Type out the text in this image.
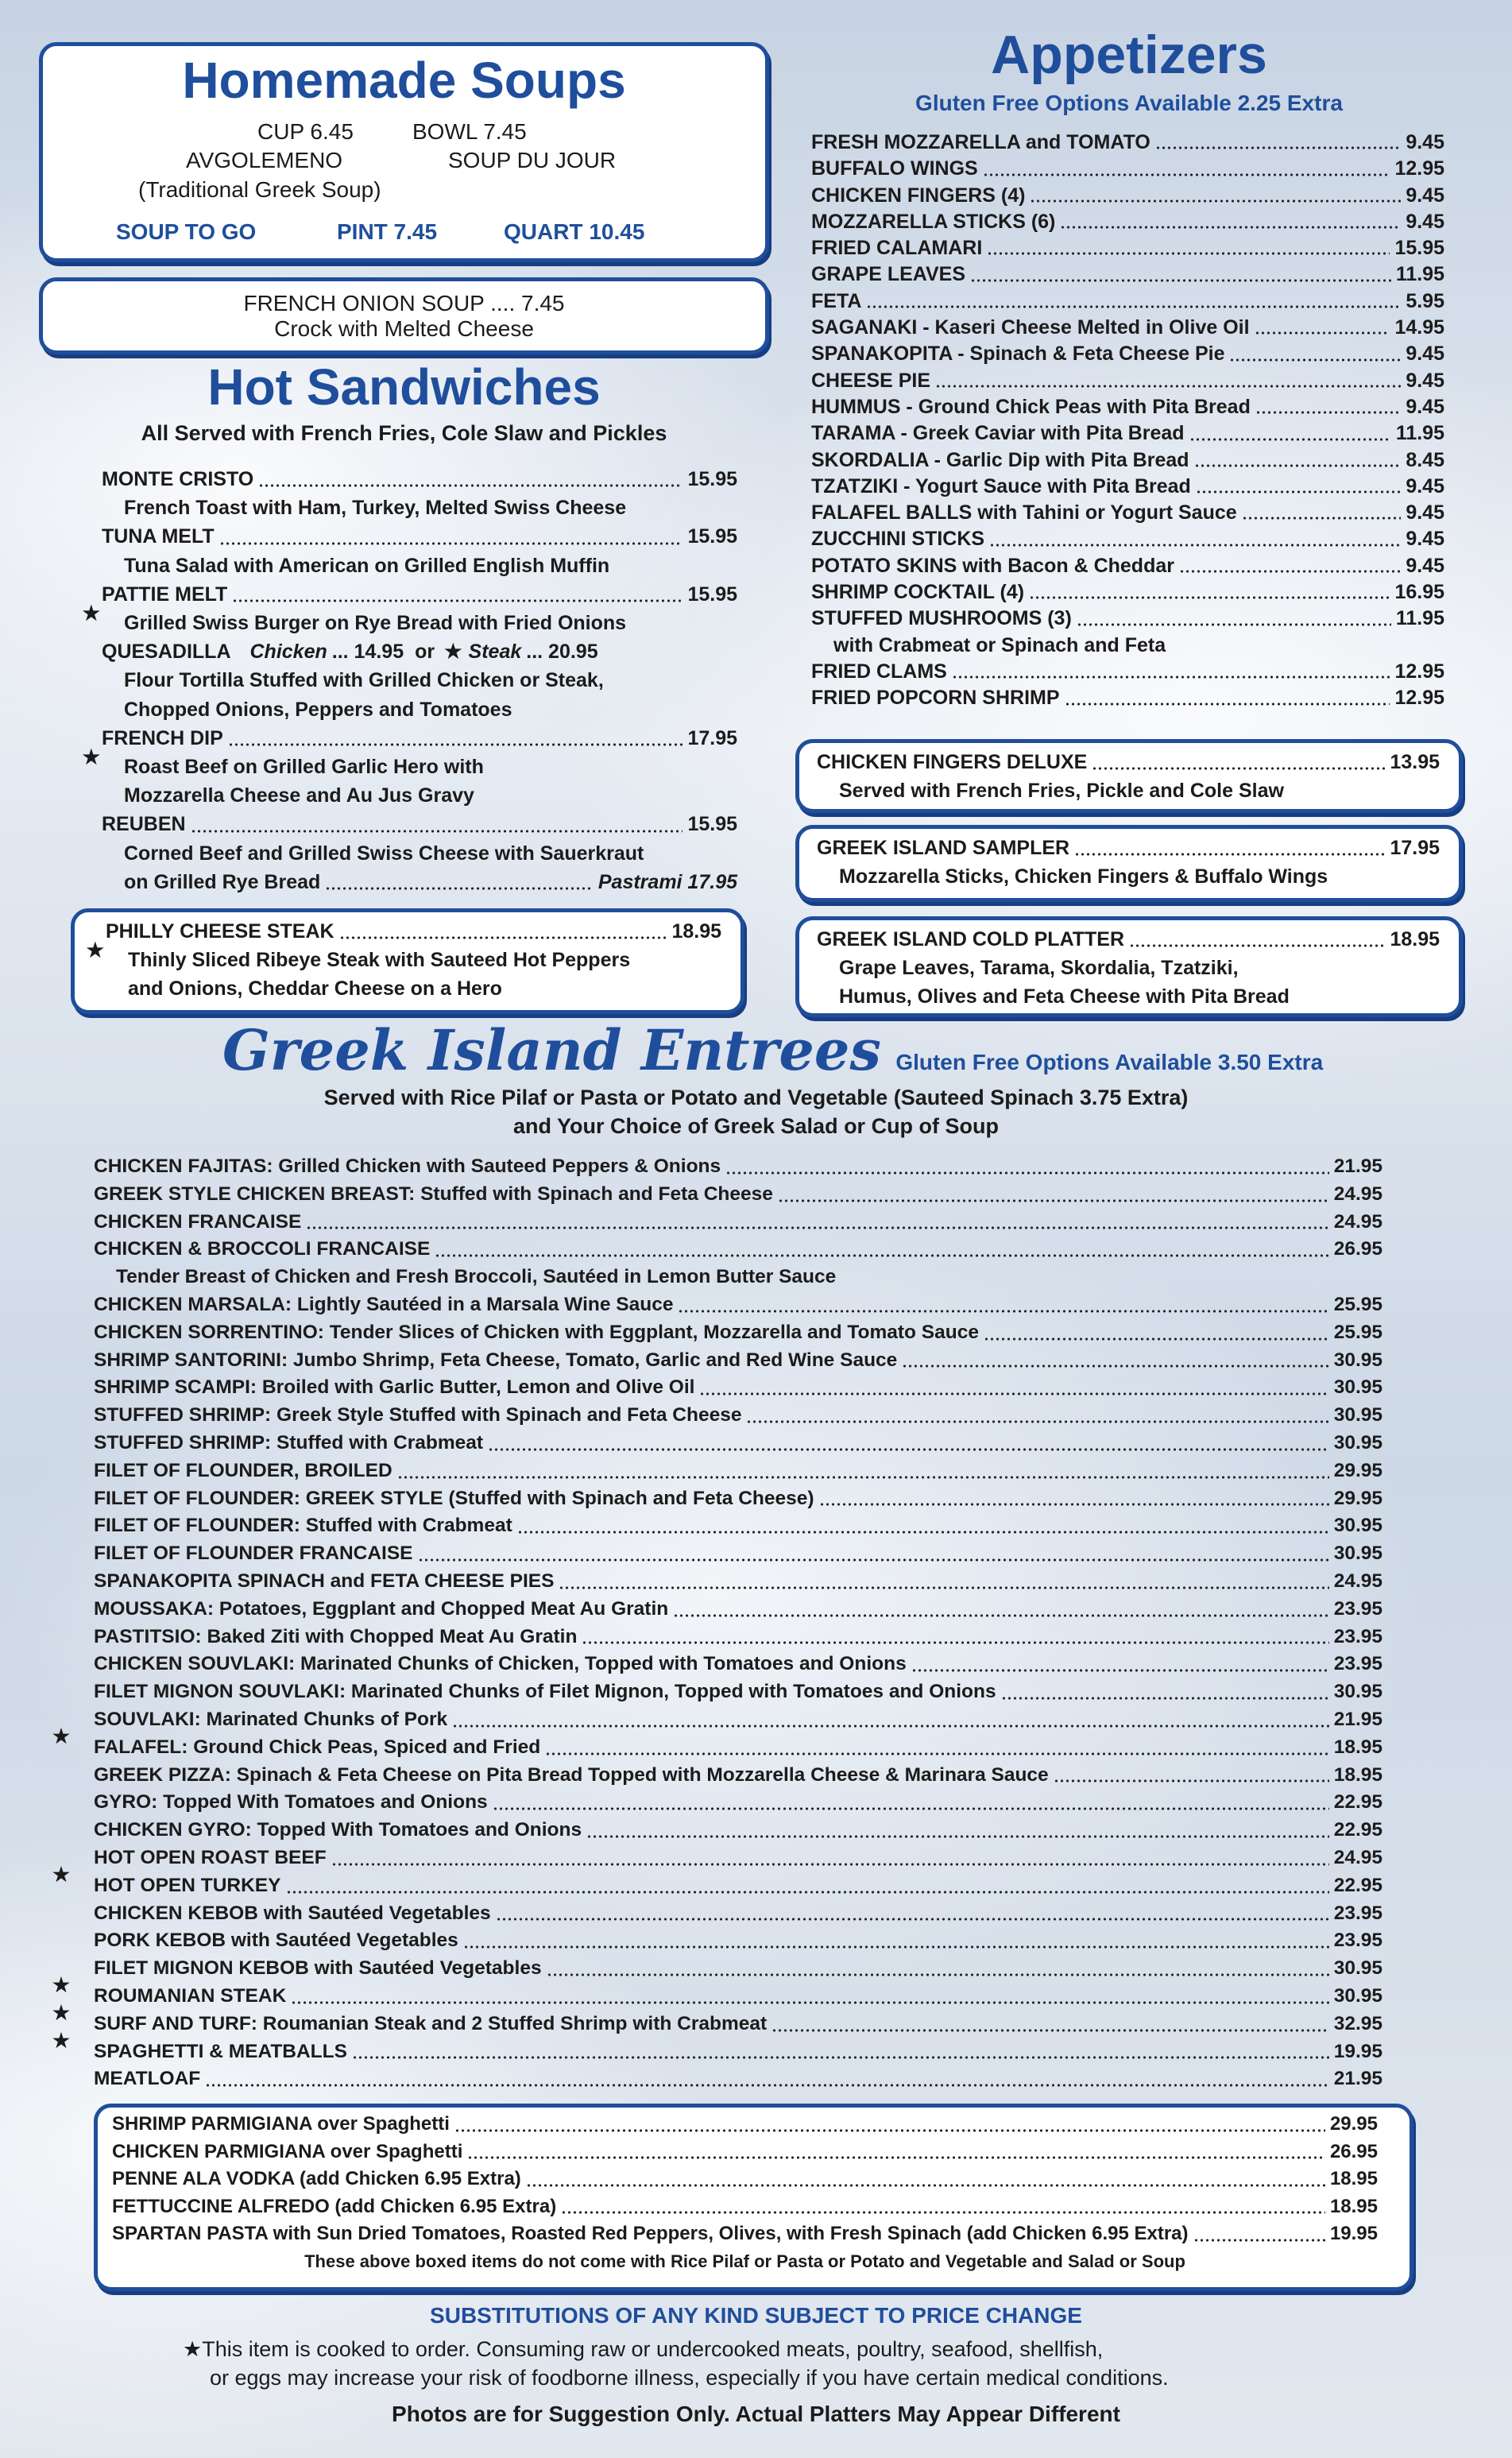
Homemade Soups
CUP 6.45	BOWL 7.45
AVGOLEMENO	SOUP DU JOUR
(Traditional Greek Soup)
SOUP TO GO	PINT 7.45	QUART 10.45
FRENCH ONION SOUP .... 7.45
Crock with Melted Cheese
Hot Sandwiches
All Served with French Fries, Cole Slaw and Pickles
MONTE CRISTO	15.95
French Toast with Ham, Turkey, Melted Swiss Cheese
TUNA MELT	15.95
Tuna Salad with American on Grilled English Muffin
★
PATTIE MELT	15.95
Grilled Swiss Burger on Rye Bread with Fried Onions
QUESADILLA Chicken ... 14.95 or ★ Steak ... 20.95
Flour Tortilla Stuffed with Grilled Chicken or Steak,
Chopped Onions, Peppers and Tomatoes
★
FRENCH DIP	17.95
Roast Beef on Grilled Garlic Hero with
Mozzarella Cheese and Au Jus Gravy
REUBEN	15.95
Corned Beef and Grilled Swiss Cheese with Sauerkraut
on Grilled Rye Bread	Pastrami 17.95
★
PHILLY CHEESE STEAK	18.95
Thinly Sliced Ribeye Steak with Sauteed Hot Peppers
and Onions, Cheddar Cheese on a Hero
Appetizers
Gluten Free Options Available 2.25 Extra
FRESH MOZZARELLA and TOMATO	9.45
BUFFALO WINGS	12.95
CHICKEN FINGERS (4)	9.45
MOZZARELLA STICKS (6)	9.45
FRIED CALAMARI	15.95
GRAPE LEAVES	11.95
FETA	5.95
SAGANAKI - Kaseri Cheese Melted in Olive Oil	14.95
SPANAKOPITA - Spinach & Feta Cheese Pie	9.45
CHEESE PIE	9.45
HUMMUS - Ground Chick Peas with Pita Bread	9.45
TARAMA - Greek Caviar with Pita Bread	11.95
SKORDALIA - Garlic Dip with Pita Bread	8.45
TZATZIKI - Yogurt Sauce with Pita Bread	9.45
FALAFEL BALLS with Tahini or Yogurt Sauce	9.45
ZUCCHINI STICKS	9.45
POTATO SKINS with Bacon & Cheddar	9.45
SHRIMP COCKTAIL (4)	16.95
STUFFED MUSHROOMS (3)	11.95
with Crabmeat or Spinach and Feta
FRIED CLAMS	12.95
FRIED POPCORN SHRIMP	12.95
CHICKEN FINGERS DELUXE	13.95
Served with French Fries, Pickle and Cole Slaw
GREEK ISLAND SAMPLER	17.95
Mozzarella Sticks, Chicken Fingers & Buffalo Wings
GREEK ISLAND COLD PLATTER	18.95
Grape Leaves, Tarama, Skordalia, Tzatziki,
Humus, Olives and Feta Cheese with Pita Bread
Greek Island Entrees Gluten Free Options Available 3.50 Extra
Served with Rice Pilaf or Pasta or Potato and Vegetable (Sauteed Spinach 3.75 Extra)
and Your Choice of Greek Salad or Cup of Soup
CHICKEN FAJITAS: Grilled Chicken with Sauteed Peppers & Onions	21.95
GREEK STYLE CHICKEN BREAST: Stuffed with Spinach and Feta Cheese	24.95
CHICKEN FRANCAISE	24.95
CHICKEN & BROCCOLI FRANCAISE	26.95
Tender Breast of Chicken and Fresh Broccoli, Sautéed in Lemon Butter Sauce
CHICKEN MARSALA: Lightly Sautéed in a Marsala Wine Sauce	25.95
CHICKEN SORRENTINO: Tender Slices of Chicken with Eggplant, Mozzarella and Tomato Sauce	25.95
SHRIMP SANTORINI: Jumbo Shrimp, Feta Cheese, Tomato, Garlic and Red Wine Sauce	30.95
SHRIMP SCAMPI: Broiled with Garlic Butter, Lemon and Olive Oil	30.95
STUFFED SHRIMP: Greek Style Stuffed with Spinach and Feta Cheese	30.95
STUFFED SHRIMP: Stuffed with Crabmeat	30.95
FILET OF FLOUNDER, BROILED	29.95
FILET OF FLOUNDER: GREEK STYLE (Stuffed with Spinach and Feta Cheese)	29.95
FILET OF FLOUNDER: Stuffed with Crabmeat	30.95
FILET OF FLOUNDER FRANCAISE	30.95
SPANAKOPITA SPINACH and FETA CHEESE PIES	24.95
MOUSSAKA: Potatoes, Eggplant and Chopped Meat Au Gratin	23.95
PASTITSIO: Baked Ziti with Chopped Meat Au Gratin	23.95
CHICKEN SOUVLAKI: Marinated Chunks of Chicken, Topped with Tomatoes and Onions	23.95
FILET MIGNON SOUVLAKI: Marinated Chunks of Filet Mignon, Topped with Tomatoes and Onions	30.95
★
SOUVLAKI: Marinated Chunks of Pork	21.95
FALAFEL: Ground Chick Peas, Spiced and Fried	18.95
GREEK PIZZA: Spinach & Feta Cheese on Pita Bread Topped with Mozzarella Cheese & Marinara Sauce	18.95
GYRO: Topped With Tomatoes and Onions	22.95
CHICKEN GYRO: Topped With Tomatoes and Onions	22.95
★
HOT OPEN ROAST BEEF	24.95
HOT OPEN TURKEY	22.95
CHICKEN KEBOB with Sautéed Vegetables	23.95
PORK KEBOB with Sautéed Vegetables	23.95
★
FILET MIGNON KEBOB with Sautéed Vegetables	30.95
★
ROUMANIAN STEAK	30.95
★
SURF AND TURF: Roumanian Steak and 2 Stuffed Shrimp with Crabmeat	32.95
SPAGHETTI & MEATBALLS	19.95
MEATLOAF	21.95
SHRIMP PARMIGIANA over Spaghetti	29.95
CHICKEN PARMIGIANA over Spaghetti	26.95
PENNE ALA VODKA (add Chicken 6.95 Extra)	18.95
FETTUCCINE ALFREDO (add Chicken 6.95 Extra)	18.95
SPARTAN PASTA with Sun Dried Tomatoes, Roasted Red Peppers, Olives, with Fresh Spinach (add Chicken 6.95 Extra)	19.95
These above boxed items do not come with Rice Pilaf or Pasta or Potato and Vegetable and Salad or Soup
SUBSTITUTIONS OF ANY KIND SUBJECT TO PRICE CHANGE
★This item is cooked to order. Consuming raw or undercooked meats, poultry, seafood, shellfish,
or eggs may increase your risk of foodborne illness, especially if you have certain medical conditions.
Photos are for Suggestion Only. Actual Platters May Appear Different
